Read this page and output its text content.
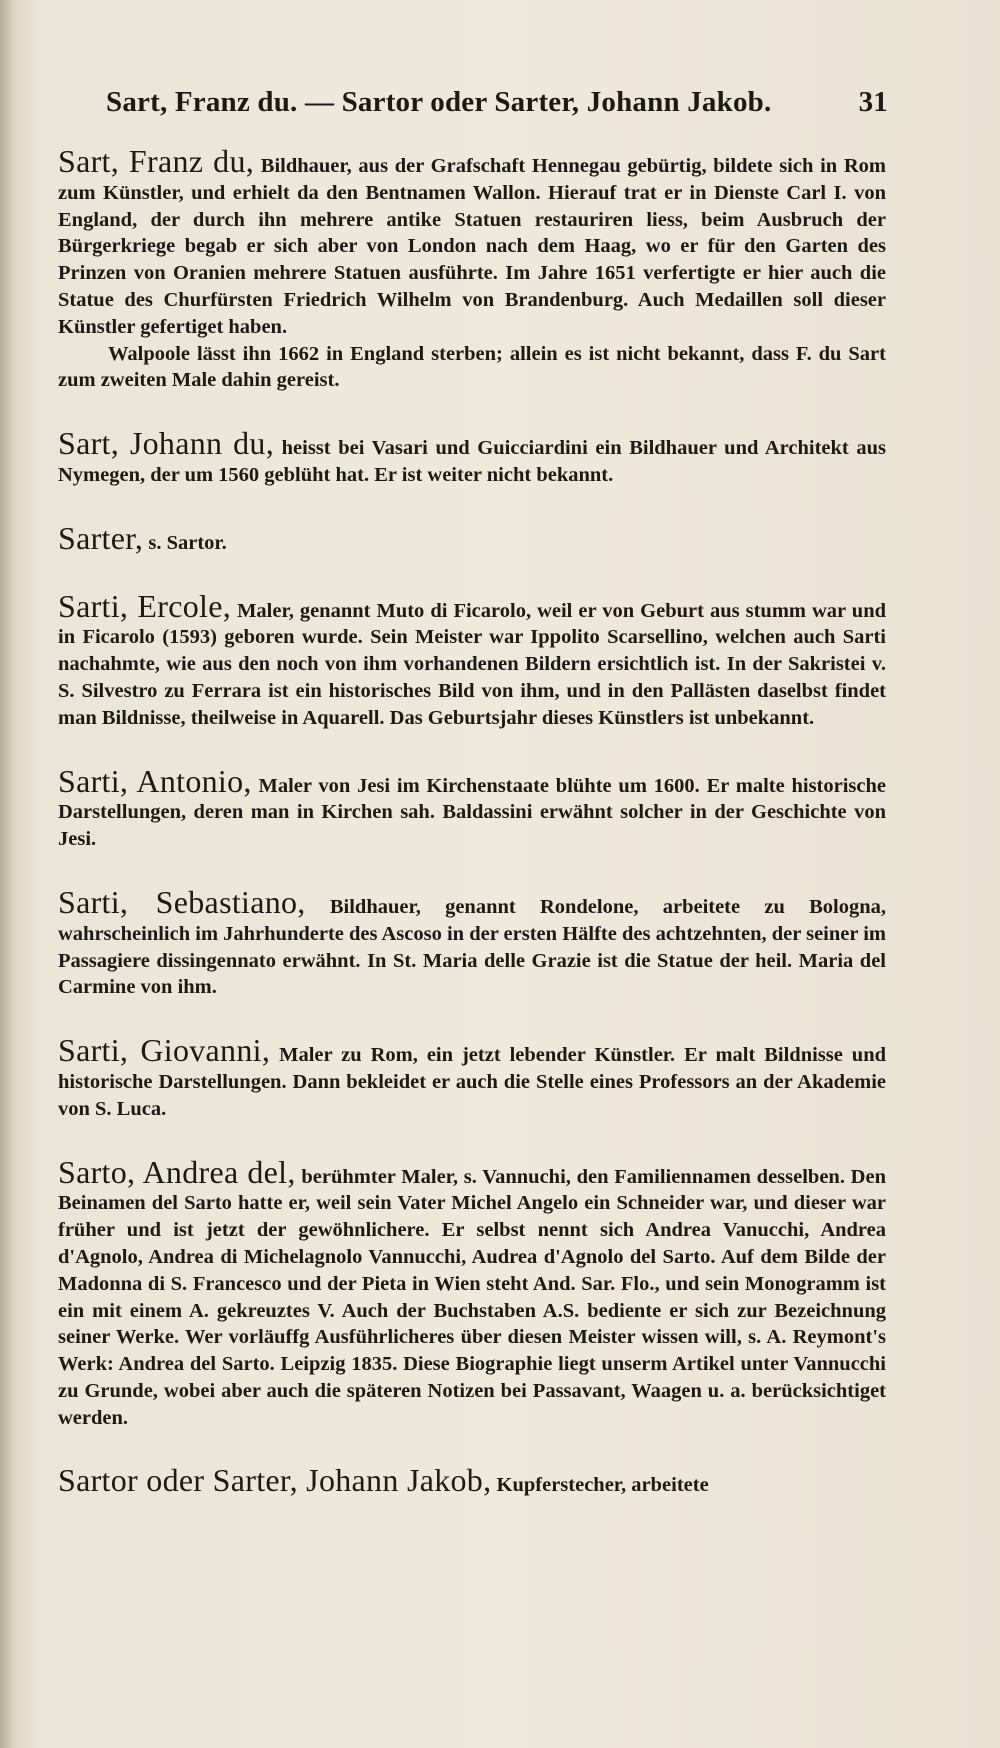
Sart, Franz du. — Sartor oder Sarter, Johann Jakob.	31

Sart, Franz du, Bildhauer, aus der Grafschaft Hennegau gebürtig, bildete sich in Rom zum Künstler, und erhielt da den Bentnamen Wallon. Hierauf trat er in Dienste Carl I. von England, der durch ihn mehrere antike Statuen restauriren liess, beim Ausbruch der Bürgerkriege begab er sich aber von London nach dem Haag, wo er für den Garten des Prinzen von Oranien mehrere Statuen ausführte. Im Jahre 1651 verfertigte er hier auch die Statue des Churfürsten Friedrich Wilhelm von Brandenburg. Auch Medaillen soll dieser Künstler gefertiget haben.

Walpoole lässt ihn 1662 in England sterben; allein es ist nicht bekannt, dass F. du Sart zum zweiten Male dahin gereist.

Sart, Johann du, heisst bei Vasari und Guicciardini ein Bildhauer und Architekt aus Nymegen, der um 1560 geblüht hat. Er ist weiter nicht bekannt.

Sarter, s. Sartor.

Sarti, Ercole, Maler, genannt Muto di Ficarolo, weil er von Geburt aus stumm war und in Ficarolo (1593) geboren wurde. Sein Meister war Ippolito Scarsellino, welchen auch Sarti nachahmte, wie aus den noch von ihm vorhandenen Bildern ersichtlich ist. In der Sakristei v. S. Silvestro zu Ferrara ist ein historisches Bild von ihm, und in den Pallästen daselbst findet man Bildnisse, theilweise in Aquarell. Das Geburtsjahr dieses Künstlers ist unbekannt.

Sarti, Antonio, Maler von Jesi im Kirchenstaate blühte um 1600. Er malte historische Darstellungen, deren man in Kirchen sah. Baldassini erwähnt solcher in der Geschichte von Jesi.

Sarti, Sebastiano, Bildhauer, genannt Rondelone, arbeitete zu Bologna, wahrscheinlich im Jahrhunderte des Ascoso in der ersten Hälfte des achtzehnten, der seiner im Passagiere dissingennato erwähnt. In St. Maria delle Grazie ist die Statue der heil. Maria del Carmine von ihm.

Sarti, Giovanni, Maler zu Rom, ein jetzt lebender Künstler. Er malt Bildnisse und historische Darstellungen. Dann bekleidet er auch die Stelle eines Professors an der Akademie von S. Luca.

Sarto, Andrea del, berühmter Maler, s. Vannuchi, den Familiennamen desselben. Den Beinamen del Sarto hatte er, weil sein Vater Michel Angelo ein Schneider war, und dieser war früher und ist jetzt der gewöhnlichere. Er selbst nennt sich Andrea Vanucchi, Andrea d'Agnolo, Andrea di Michelagnolo Vannucchi, Audrea d'Agnolo del Sarto. Auf dem Bilde der Madonna di S. Francesco und der Pieta in Wien steht And. Sar. Flo., und sein Monogramm ist ein mit einem A. gekreuztes V. Auch der Buchstaben A.S. bediente er sich zur Bezeichnung seiner Werke. Wer vorläuffg Ausführlicheres über diesen Meister wissen will, s. A. Reymont's Werk: Andrea del Sarto. Leipzig 1835. Diese Biographie liegt unserm Artikel unter Vannucchi zu Grunde, wobei aber auch die späteren Notizen bei Passavant, Waagen u. a. berücksichtiget werden.

Sartor oder Sarter, Johann Jakob, Kupferstecher, arbeitete
